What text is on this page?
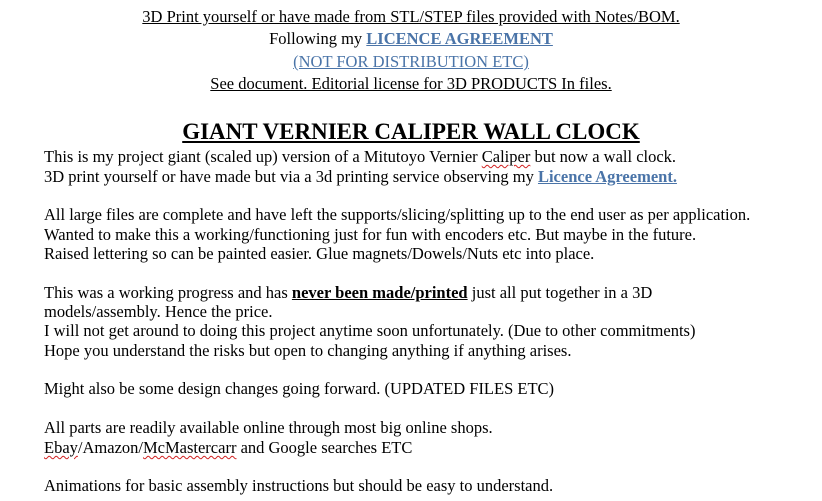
3D Print yourself or have made from STL/STEP files provided with Notes/BOM.
Following my LICENCE AGREEMENT
(NOT FOR DISTRIBUTION ETC)
See document. Editorial license for 3D PRODUCTS In files.
GIANT VERNIER CALIPER WALL CLOCK
This is my project giant (scaled up) version of a Mitutoyo Vernier Caliper but now a wall clock.
3D print yourself or have made but via a 3d printing service observing my Licence Agreement.
All large files are complete and have left the supports/slicing/splitting up to the end user as per application.
Wanted to make this a working/functioning just for fun with encoders etc. But maybe in the future.
Raised lettering so can be painted easier. Glue magnets/Dowels/Nuts etc into place.
This was a working progress and has never been made/printed just all put together in a 3D
models/assembly. Hence the price.
I will not get around to doing this project anytime soon unfortunately. (Due to other commitments)
Hope you understand the risks but open to changing anything if anything arises.
Might also be some design changes going forward. (UPDATED FILES ETC)
All parts are readily available online through most big online shops.
Ebay/Amazon/McMastercarr and Google searches ETC
Animations for basic assembly instructions but should be easy to understand.
